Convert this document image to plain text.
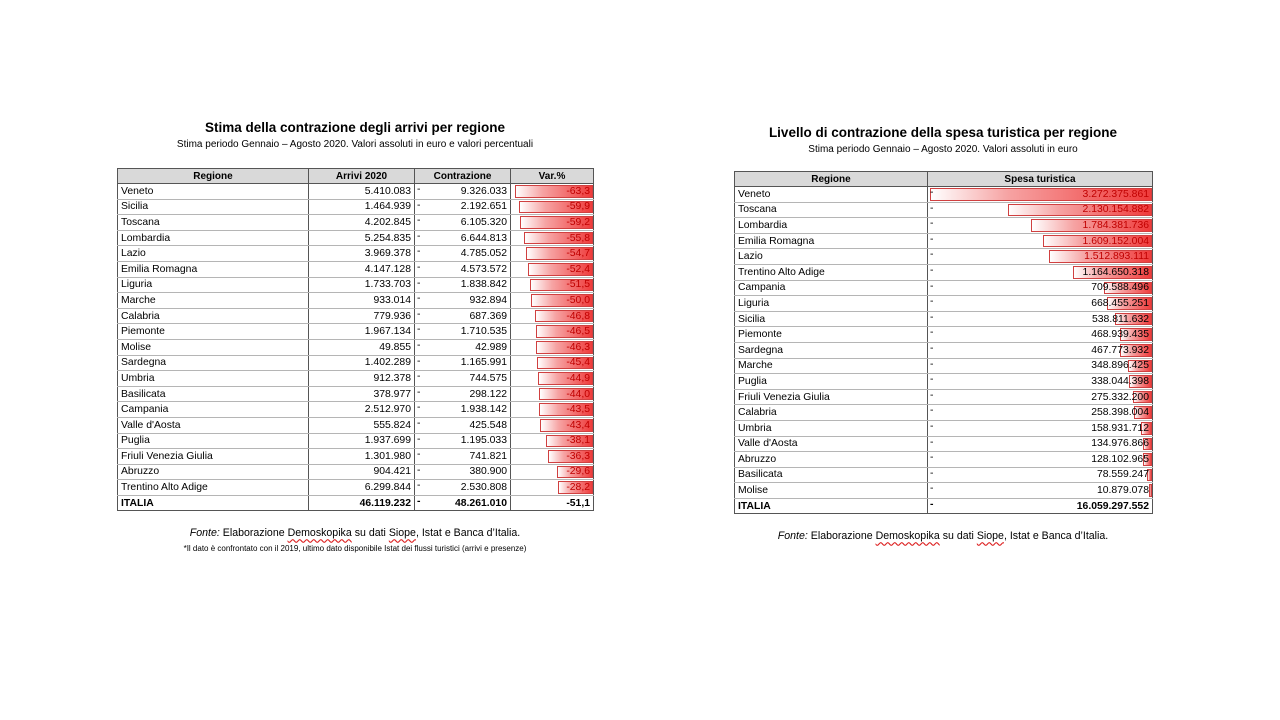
Stima della contrazione degli arrivi per regione
Stima periodo Gennaio – Agosto 2020. Valori assoluti in euro e valori percentuali
Regione	Arrivi 2020	Contrazione	Var.%
Veneto	5.410.083	- 9.326.033	-63,3
Sicilia	1.464.939	- 2.192.651	-59,9
Toscana	4.202.845	- 6.105.320	-59,2
Lombardia	5.254.835	- 6.644.813	-55,8
Lazio	3.969.378	- 4.785.052	-54,7
Emilia Romagna	4.147.128	- 4.573.572	-52,4
Liguria	1.733.703	- 1.838.842	-51,5
Marche	933.014	- 932.894	-50,0
Calabria	779.936	- 687.369	-46,8
Piemonte	1.967.134	- 1.710.535	-46,5
Molise	49.855	- 42.989	-46,3
Sardegna	1.402.289	- 1.165.991	-45,4
Umbria	912.378	- 744.575	-44,9
Basilicata	378.977	- 298.122	-44,0
Campania	2.512.970	- 1.938.142	-43,5
Valle d'Aosta	555.824	- 425.548	-43,4
Puglia	1.937.699	- 1.195.033	-38,1
Friuli Venezia Giulia	1.301.980	- 741.821	-36,3
Abruzzo	904.421	- 380.900	-29,6
Trentino Alto Adige	6.299.844	- 2.530.808	-28,2
ITALIA	46.119.232	- 48.261.010	-51,1
Fonte: Elaborazione Demoskopika su dati Siope, Istat e Banca d’Italia.
*Il dato è confrontato con il 2019, ultimo dato disponibile Istat dei flussi turistici (arrivi e presenze)
Livello di contrazione della spesa turistica per regione
Stima periodo Gennaio – Agosto 2020. Valori assoluti in euro
Regione	Spesa turistica
Veneto	- 3.272.375.861
Toscana	- 2.130.154.882
Lombardia	- 1.784.381.736
Emilia Romagna	- 1.609.152.004
Lazio	- 1.512.893.111
Trentino Alto Adige	- 1.164.650.318
Campania	- 709.588.496
Liguria	- 668.455.251
Sicilia	- 538.811.632
Piemonte	- 468.939.435
Sardegna	- 467.773.932
Marche	- 348.896.425
Puglia	- 338.044.398
Friuli Venezia Giulia	- 275.332.200
Calabria	- 258.398.004
Umbria	- 158.931.712
Valle d'Aosta	- 134.976.866
Abruzzo	- 128.102.965
Basilicata	- 78.559.247
Molise	- 10.879.078
ITALIA	- 16.059.297.552
Fonte: Elaborazione Demoskopika su dati Siope, Istat e Banca d’Italia.
